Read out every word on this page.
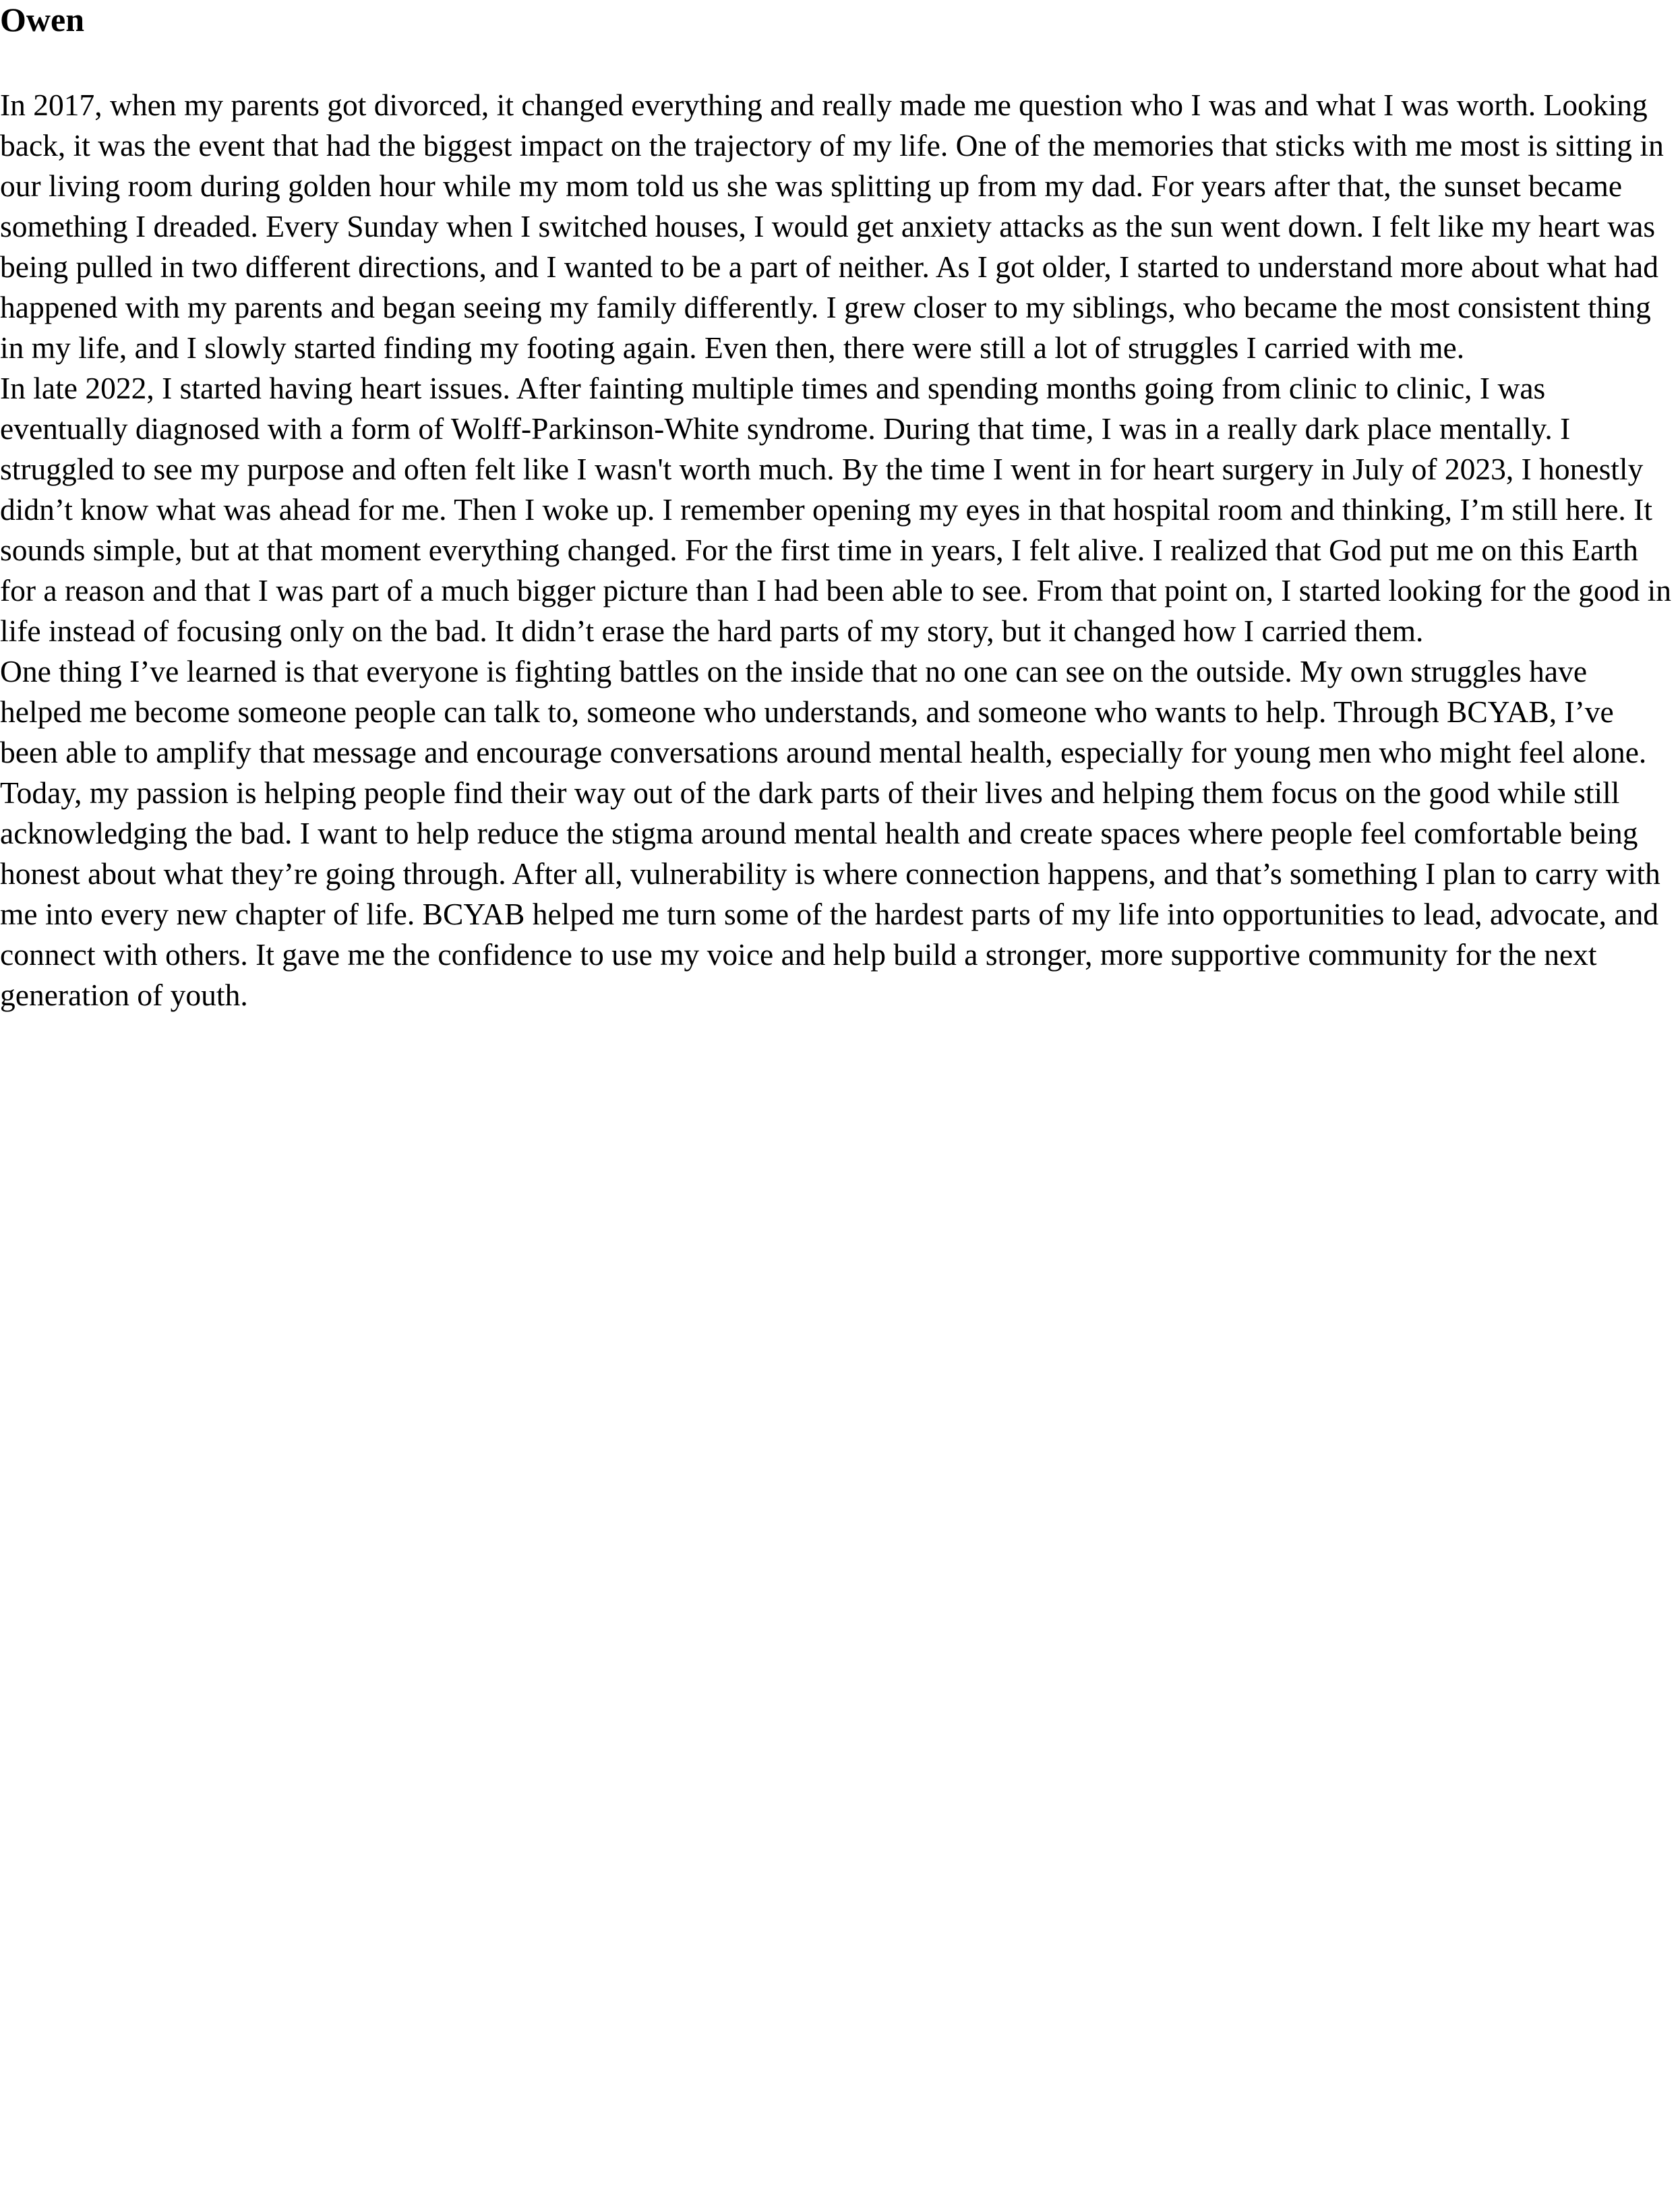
Owen

In 2017, when my parents got divorced, it changed everything and really made me question who I was and what I was worth. Looking back, it was the event that had the biggest impact on the trajectory of my life. One of the memories that sticks with me most is sitting in our living room during golden hour while my mom told us she was splitting up from my dad. For years after that, the sunset became something I dreaded. Every Sunday when I switched houses, I would get anxiety attacks as the sun went down. I felt like my heart was being pulled in two different directions, and I wanted to be a part of neither. As I got older, I started to understand more about what had happened with my parents and began seeing my family differently. I grew closer to my siblings, who became the most consistent thing in my life, and I slowly started finding my footing again. Even then, there were still a lot of struggles I carried with me.

In late 2022, I started having heart issues. After fainting multiple times and spending months going from clinic to clinic, I was eventually diagnosed with a form of Wolff-Parkinson-White syndrome. During that time, I was in a really dark place mentally. I struggled to see my purpose and often felt like I wasn't worth much. By the time I went in for heart surgery in July of 2023, I honestly didn’t know what was ahead for me. Then I woke up. I remember opening my eyes in that hospital room and thinking, I’m still here. It sounds simple, but at that moment everything changed. For the first time in years, I felt alive. I realized that God put me on this Earth for a reason and that I was part of a much bigger picture than I had been able to see. From that point on, I started looking for the good in life instead of focusing only on the bad. It didn’t erase the hard parts of my story, but it changed how I carried them.

One thing I’ve learned is that everyone is fighting battles on the inside that no one can see on the outside. My own struggles have helped me become someone people can talk to, someone who understands, and someone who wants to help. Through BCYAB, I’ve been able to amplify that message and encourage conversations around mental health, especially for young men who might feel alone. Today, my passion is helping people find their way out of the dark parts of their lives and helping them focus on the good while still acknowledging the bad. I want to help reduce the stigma around mental health and create spaces where people feel comfortable being honest about what they’re going through. After all, vulnerability is where connection happens, and that’s something I plan to carry with me into every new chapter of life. BCYAB helped me turn some of the hardest parts of my life into opportunities to lead, advocate, and connect with others. It gave me the confidence to use my voice and help build a stronger, more supportive community for the next generation of youth.
